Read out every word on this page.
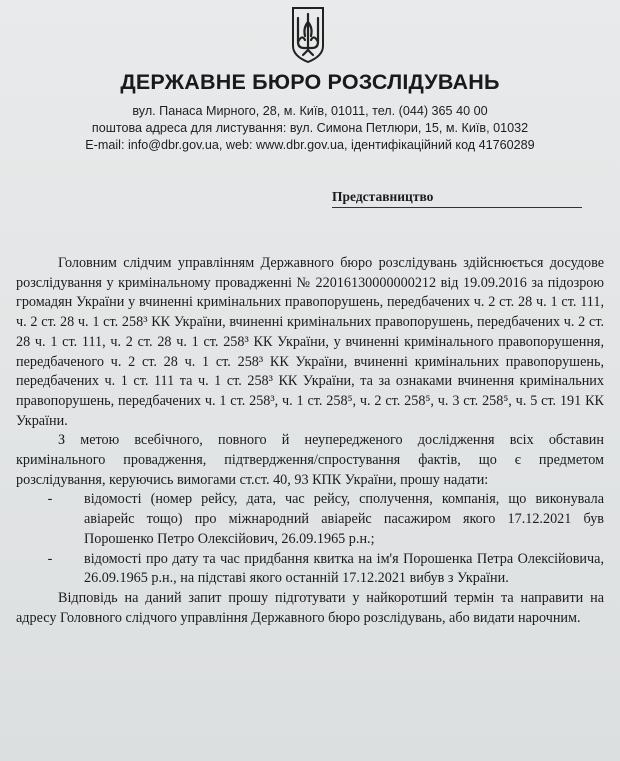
ДЕРЖАВНЕ БЮРО РОЗСЛІДУВАНЬ
вул. Панаса Мирного, 28, м. Київ, 01011, тел. (044) 365 40 00
поштова адреса для листування: вул. Симона Петлюри, 15, м. Київ, 01032
E-mail: info@dbr.gov.ua, web: www.dbr.gov.ua, ідентифікаційний код 41760289
Представництво

Головним слідчим управлінням Державного бюро розслідувань здійснюється досудове розслідування у кримінальному провадженні № 22016130000000212 від 19.09.2016 за підозрою громадян України у вчиненні кримінальних правопорушень, передбачених ч. 2 ст. 28 ч. 1 ст. 111, ч. 2 ст. 28 ч. 1 ст. 258³ КК України, вчиненні кримінальних правопорушень, передбачених ч. 2 ст. 28 ч. 1 ст. 111, ч. 2 ст. 28 ч. 1 ст. 258³ КК України, у вчиненні кримінального правопорушення, передбаченого ч. 2 ст. 28 ч. 1 ст. 258³ КК України, вчиненні кримінальних правопорушень, передбачених ч. 1 ст. 111 та ч. 1 ст. 258³ КК України, та за ознаками вчинення кримінальних правопорушень, передбачених ч. 1 ст. 258³, ч. 1 ст. 258⁵, ч. 2 ст. 258⁵, ч. 3 ст. 258⁵, ч. 5 ст. 191 КК України.

З метою всебічного, повного й неупередженого дослідження всіх обставин кримінального провадження, підтвердження/спростування фактів, що є предметом розслідування, керуючись вимогами ст.ст. 40, 93 КПК України, прошу надати:

-	відомості (номер рейсу, дата, час рейсу, сполучення, компанія, що виконувала авіарейс тощо) про міжнародний авіарейс пасажиром якого 17.12.2021 був Порошенко Петро Олексійович, 26.09.1965 р.н.;
-	відомості про дату та час придбання квитка на ім'я Порошенка Петра Олексійовича, 26.09.1965 р.н., на підставі якого останній 17.12.2021 вибув з України.

Відповідь на даний запит прошу підготувати у найкоротший термін та направити на адресу Головного слідчого управління Державного бюро розслідувань, або видати нарочним.
